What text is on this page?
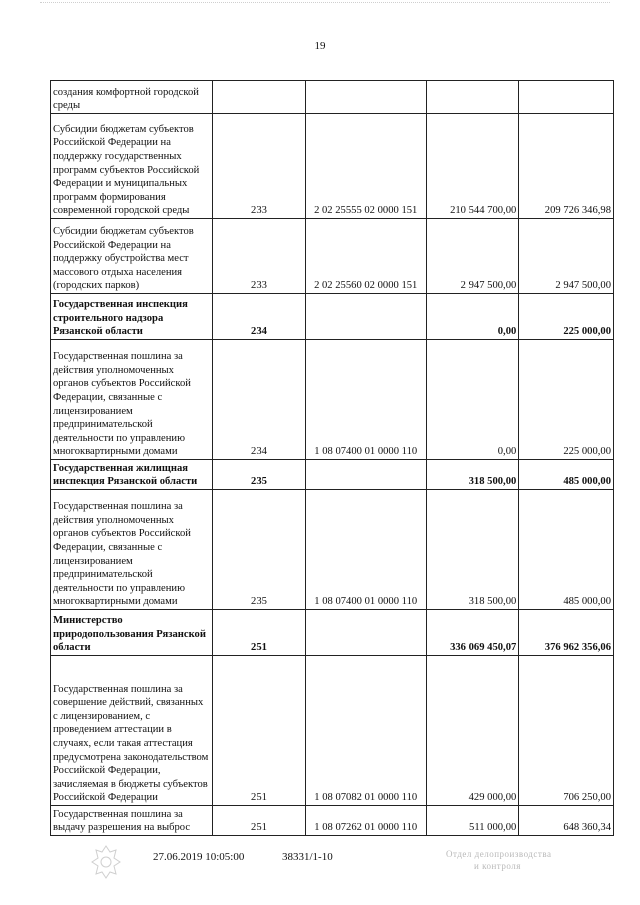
19
создания комфортной городской среды				

Субсидии бюджетам субъектов Российской Федерации на поддержку государственных программ субъектов Российской Федерации и муниципальных программ формирования современной городской среды	233	2 02 25555 02 0000 151	210 544 700,00	209 726 346,98

Субсидии бюджетам субъектов Российской Федерации на поддержку обустройства мест массового отдыха населения (городских парков)	233	2 02 25560 02 0000 151	2 947 500,00	2 947 500,00

Государственная инспекция строительного надзора Рязанской области	234		0,00	225 000,00

Государственная пошлина за действия уполномоченных органов субъектов Российской Федерации, связанные с лицензированием предпринимательской деятельности по управлению многоквартирными домами	234	1 08 07400 01 0000 110	0,00	225 000,00

Государственная жилищная инспекция Рязанской области	235		318 500,00	485 000,00

Государственная пошлина за действия уполномоченных органов субъектов Российской Федерации, связанные с лицензированием предпринимательской деятельности по управлению многоквартирными домами	235	1 08 07400 01 0000 110	318 500,00	485 000,00

Министерство природопользования Рязанской области	251		336 069 450,07	376 962 356,06

Государственная пошлина за совершение действий, связанных с лицензированием, с проведением аттестации в случаях, если такая аттестация предусмотрена законодательством Российской Федерации, зачисляемая в бюджеты субъектов Российской Федерации	251	1 08 07082 01 0000 110	429 000,00	706 250,00

Государственная пошлина за выдачу разрешения на выброс	251	1 08 07262 01 0000 110	511 000,00	648 360,34
27.06.2019 10:05:00	38331/1-10	Отдел делопроизводства
и контроля
